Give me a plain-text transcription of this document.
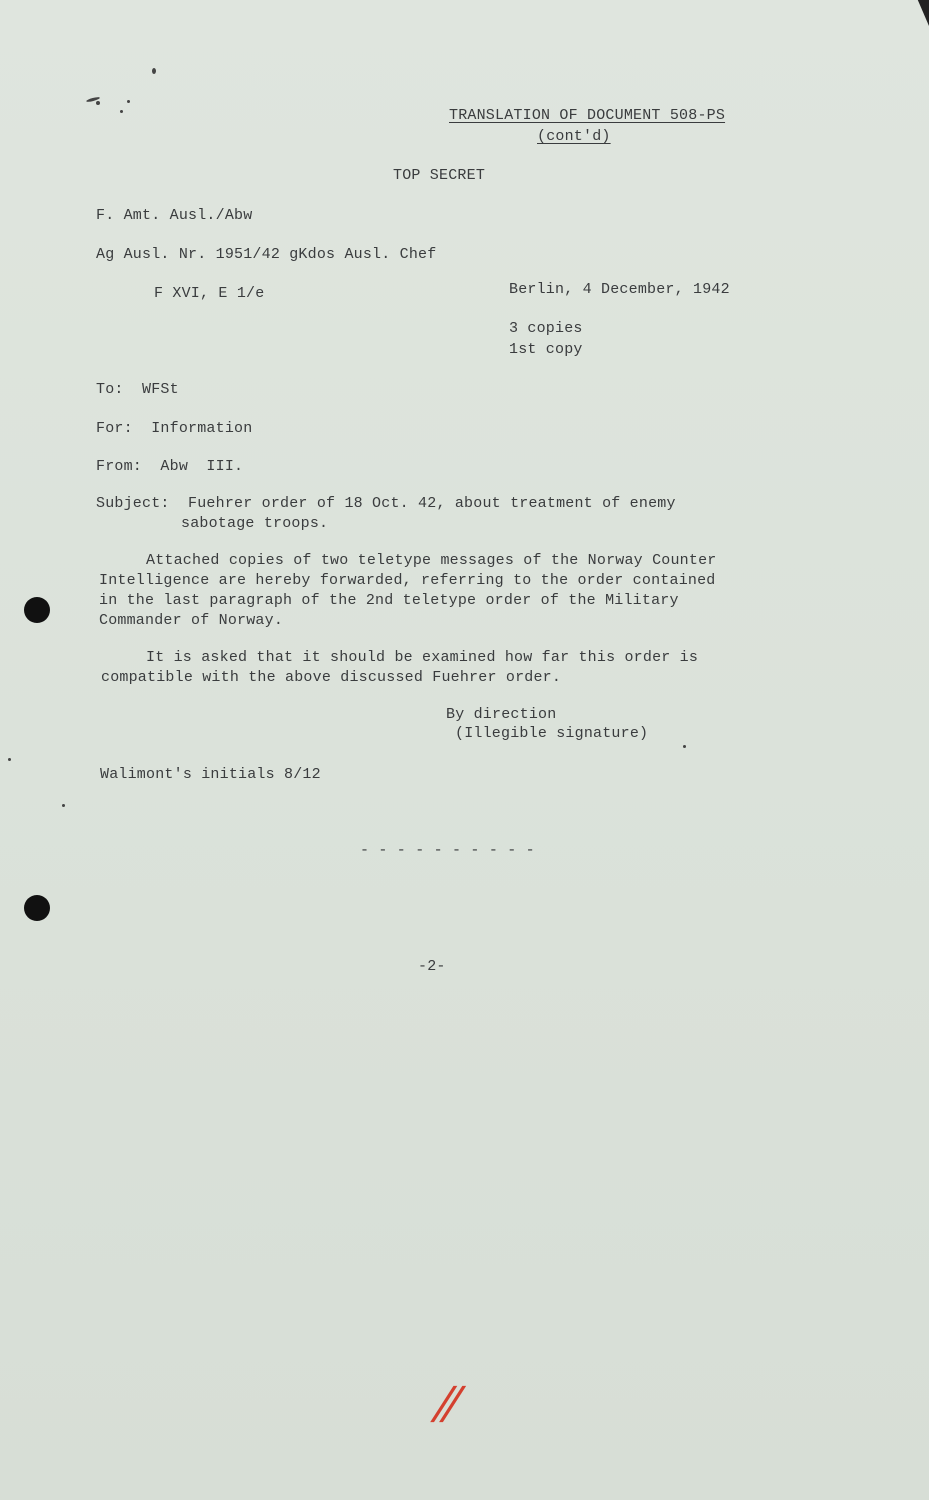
TRANSLATION OF DOCUMENT 508-PS
(cont'd)
TOP SECRET
F. Amt. Ausl./Abw
Ag Ausl. Nr. 1951/42 gKdos Ausl. Chef
F XVI, E 1/e	Berlin, 4 December, 1942
3 copies
1st copy
To:  WFSt
For:  Information
From:  Abw  III.
Subject:  Fuehrer order of 18 Oct. 42, about treatment of enemy
sabotage troops.
Attached copies of two teletype messages of the Norway Counter
Intelligence are hereby forwarded, referring to the order contained
in the last paragraph of the 2nd teletype order of the Military
Commander of Norway.
It is asked that it should be examined how far this order is
compatible with the above discussed Fuehrer order.
By direction
(Illegible signature)
Walimont's initials 8/12
- - - - - - - - - -
-2-
//
